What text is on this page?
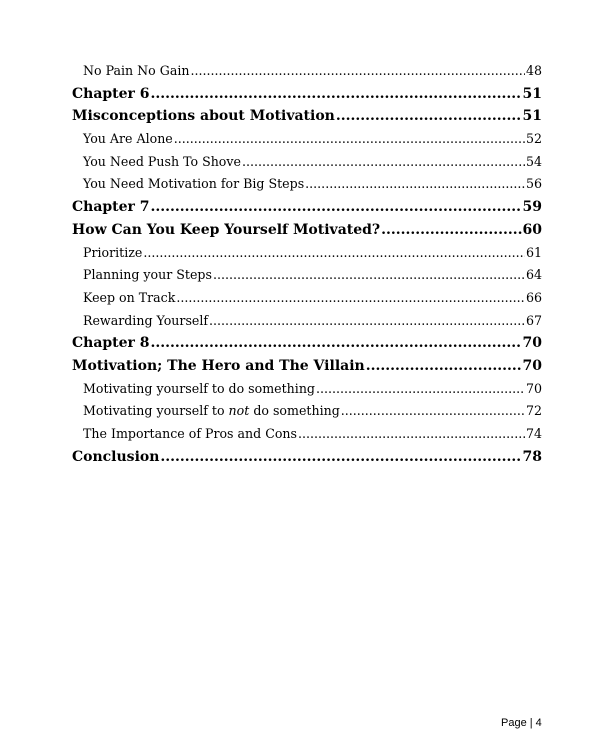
No Pain No Gain .....	48
Chapter 6 .....	51
Misconceptions about Motivation .....	51
You Are Alone .....	52
You Need Push To Shove .....	54
You Need Motivation for Big Steps .....	56
Chapter 7 .....	59
How Can You Keep Yourself Motivated? .....	60
Prioritize .....	61
Planning your Steps .....	64
Keep on Track .....	66
Rewarding Yourself .....	67
Chapter 8 .....	70
Motivation; The Hero and The Villain .....	70
Motivating yourself to do something .....	70
Motivating yourself to not do something .....	72
The Importance of Pros and Cons .....	74
Conclusion .....	78
Page | 4
